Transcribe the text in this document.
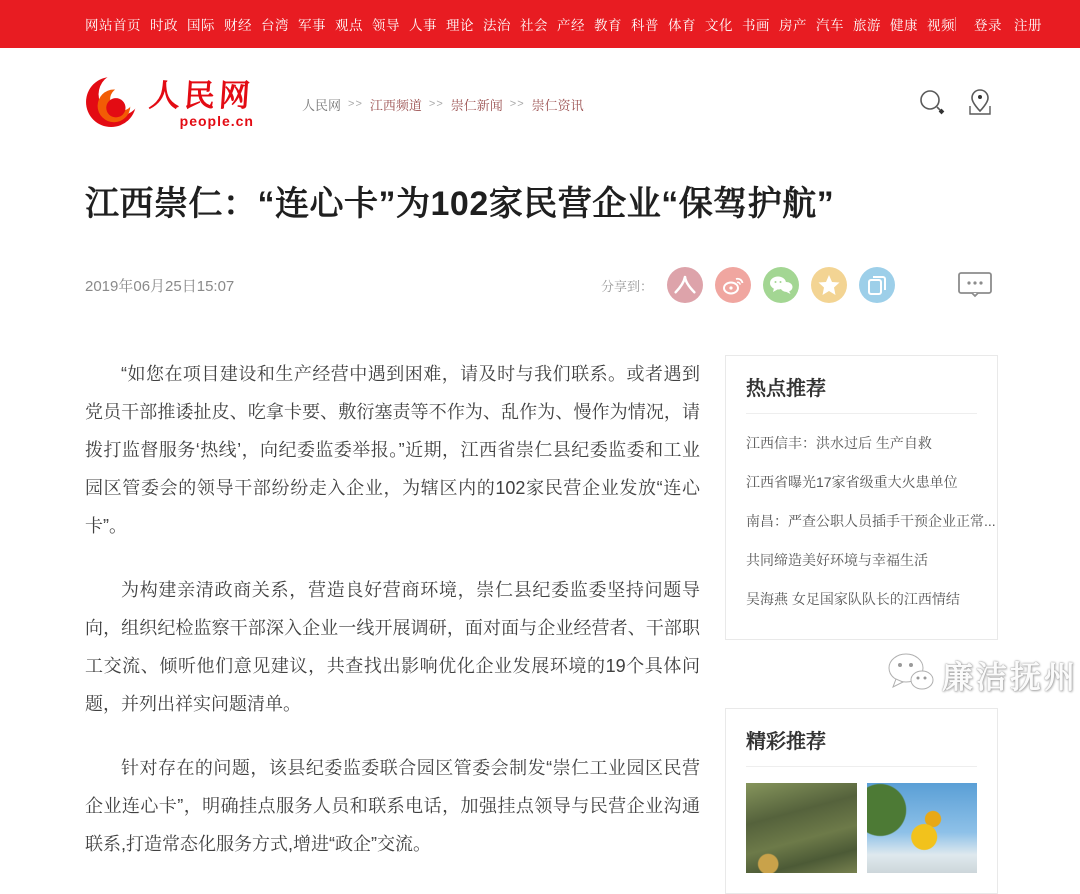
网站首页 时政 国际 财经 台湾 军事 观点 领导 人事 理论 法治 社会 产经 教育 科普 体育 文化 书画 房产 汽车 旅游 健康 视频 登录 注册
人民网
people.cn
人民网 >> 江西频道 >> 崇仁新闻 >> 崇仁资讯
江西崇仁：“连心卡”为102家民营企业“保驾护航”
2019年06月25日15:07	分享到：

“如您在项目建设和生产经营中遇到困难，请及时与我们联系。或者遇到党员干部推诿扯皮、吃拿卡要、敷衍塞责等不作为、乱作为、慢作为情况，请拨打监督服务‘热线’，向纪委监委举报。”近期，江西省崇仁县纪委监委和工业园区管委会的领导干部纷纷走入企业，为辖区内的102家民营企业发放“连心卡”。

为构建亲清政商关系，营造良好营商环境，崇仁县纪委监委坚持问题导向，组织纪检监察干部深入企业一线开展调研，面对面与企业经营者、干部职工交流、倾听他们意见建议，共查找出影响优化企业发展环境的19个具体问题，并列出祥实问题清单。

针对存在的问题，该县纪委监委联合园区管委会制发“崇仁工业园区民营企业连心卡”，明确挂点服务人员和联系电话，加强挂点领导与民营企业沟通联系,打造常态化服务方式,增进“政企”交流。

热点推荐
江西信丰：洪水过后 生产自救
江西省曝光17家省级重大火患单位
南昌：严查公职人员插手干预企业正常...
共同缔造美好环境与幸福生活
吴海燕 女足国家队队长的江西情结
精彩推荐
廉洁抚州
